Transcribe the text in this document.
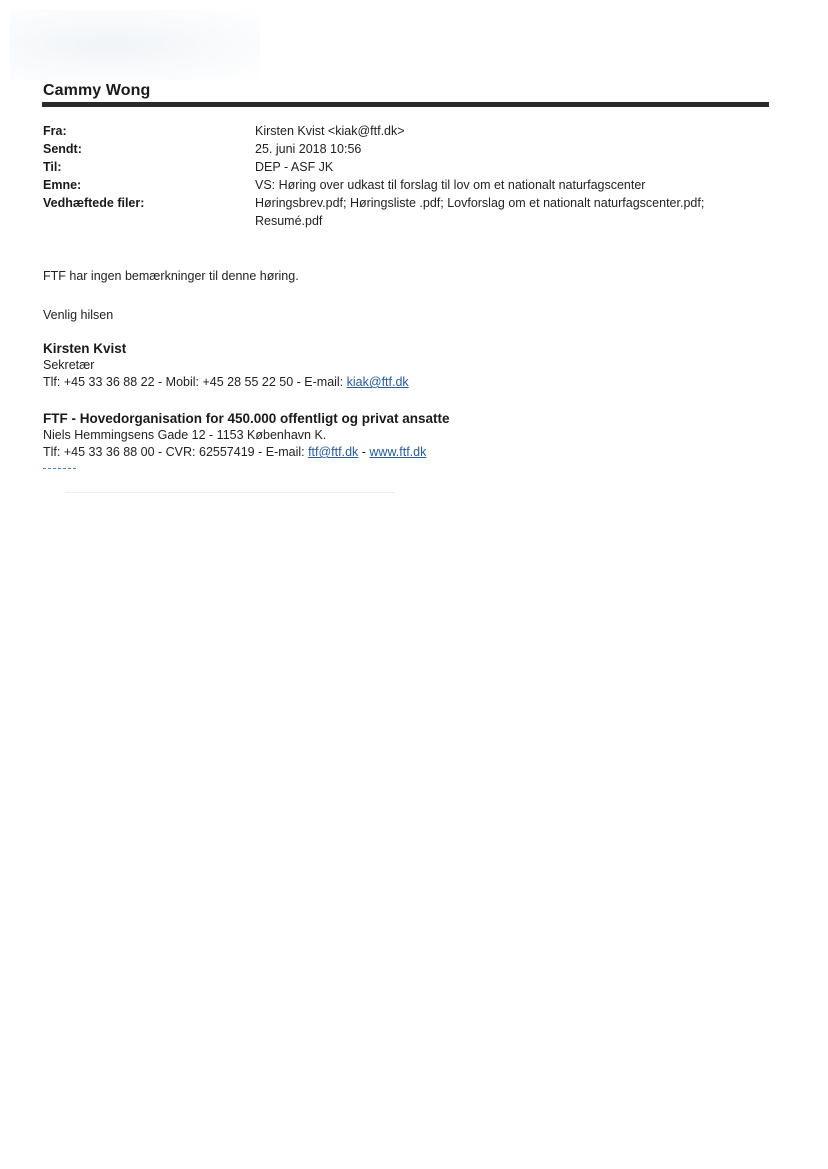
Cammy Wong
Fra:	Kirsten Kvist <kiak@ftf.dk>
Sendt:	25. juni 2018 10:56
Til:	DEP - ASF JK
Emne:	VS: Høring over udkast til forslag til lov om et nationalt naturfagscenter
Vedhæftede filer:	Høringsbrev.pdf; Høringsliste .pdf; Lovforslag om et nationalt naturfagscenter.pdf; Resumé.pdf
FTF har ingen bemærkninger til denne høring.
Venlig hilsen
Kirsten Kvist
Sekretær
Tlf: +45 33 36 88 22 - Mobil: +45 28 55 22 50 - E-mail: kiak@ftf.dk
FTF - Hovedorganisation for 450.000 offentligt og privat ansatte
Niels Hemmingsens Gade 12 - 1153 København K.
Tlf: +45 33 36 88 00 - CVR: 62557419 - E-mail: ftf@ftf.dk - www.ftf.dk
